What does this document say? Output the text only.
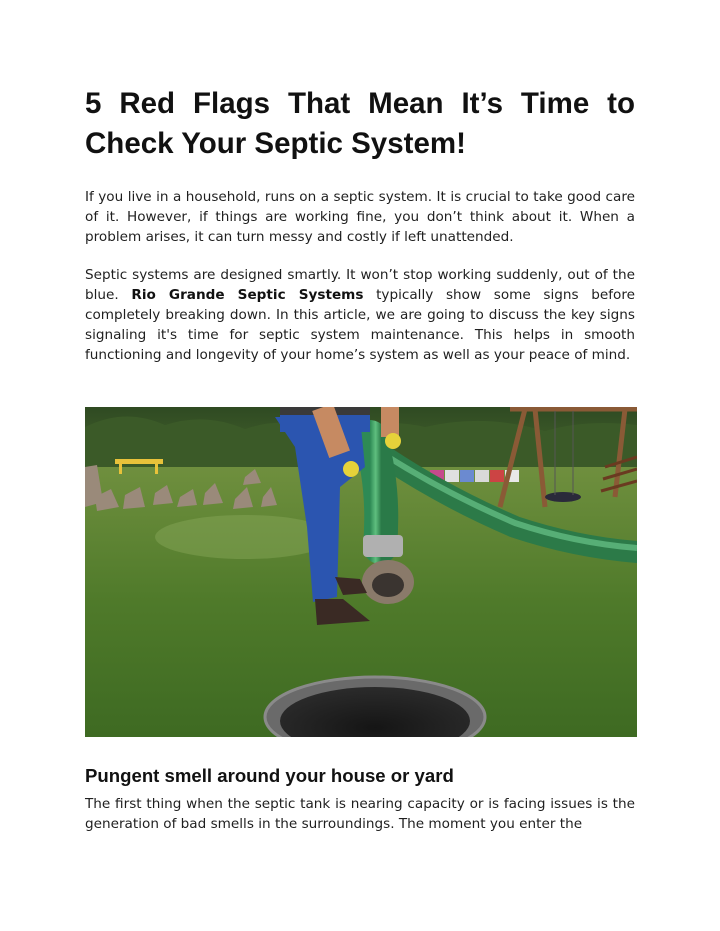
5 Red Flags That Mean It’s Time to Check Your Septic System!

If you live in a household, runs on a septic system. It is crucial to take good care of it. However, if things are working fine, you don’t think about it. When a problem arises, it can turn messy and costly if left unattended.

Septic systems are designed smartly. It won’t stop working suddenly, out of the blue. Rio Grande Septic Systems typically show some signs before completely breaking down. In this article, we are going to discuss the key signs signaling it's time for septic system maintenance. This helps in smooth functioning and longevity of your home’s system as well as your peace of mind.

Pungent smell around your house or yard

The first thing when the septic tank is nearing capacity or is facing issues is the generation of bad smells in the surroundings. The moment you enter the
